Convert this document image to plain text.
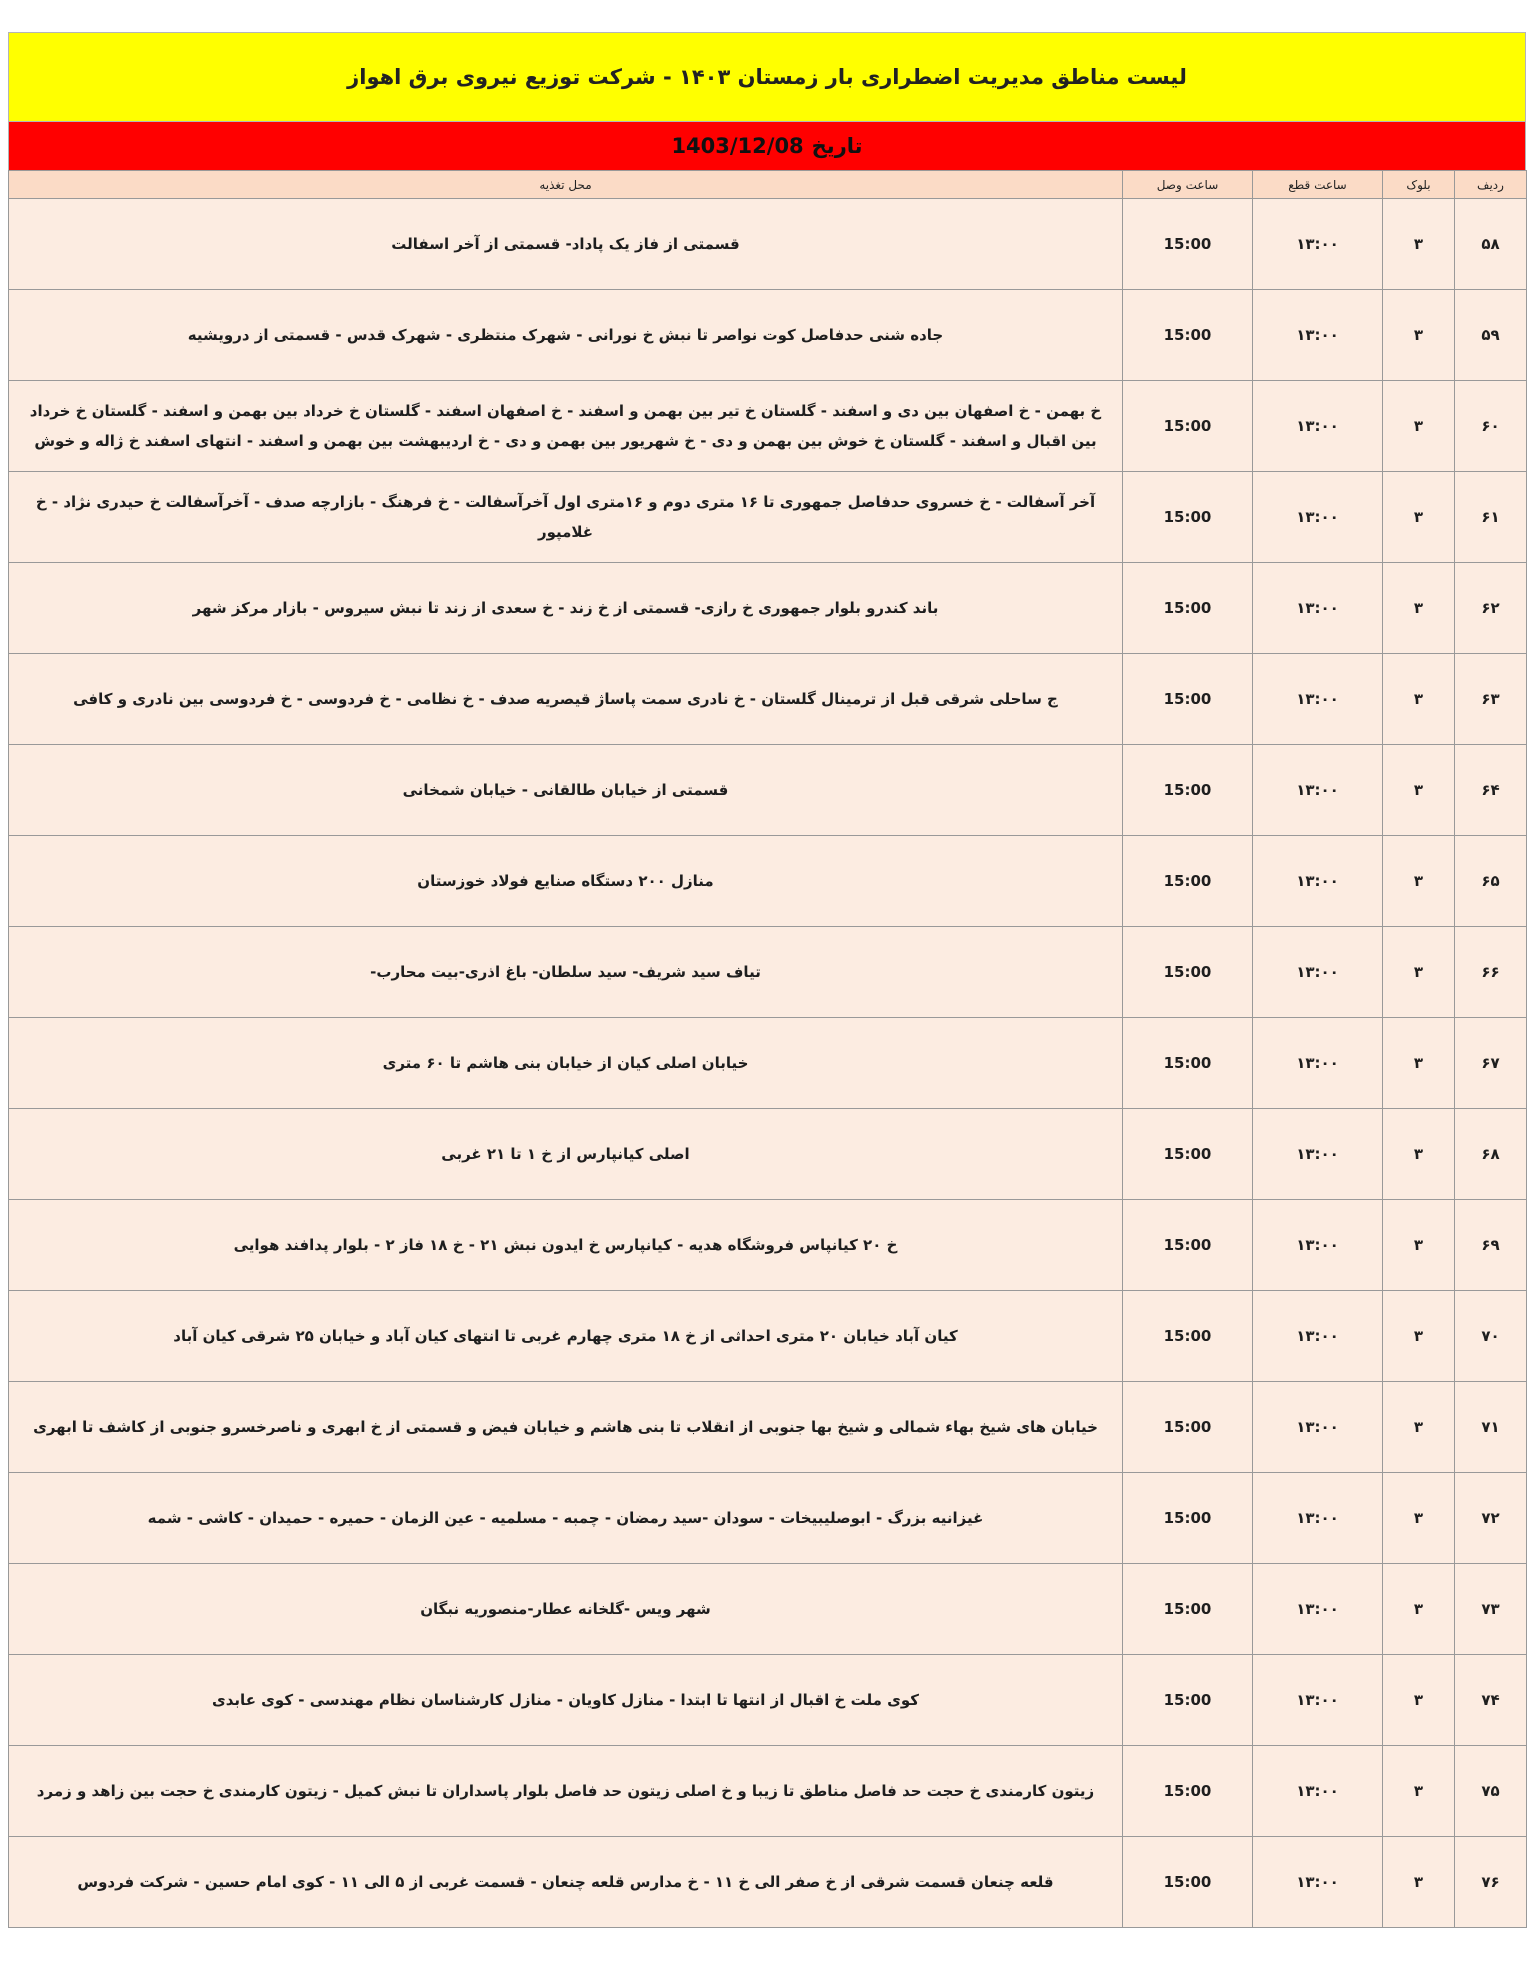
لیست مناطق مدیریت اضطراری بار زمستان ۱۴۰۳ - شرکت توزیع نیروی برق اهواز
تاریخ
1403/12/08
ردیف	بلوک	ساعت قطع	ساعت وصل	محل تغذیه
۵۸	۳	۱۳:۰۰	15:00	قسمتی از فاز یک پاداد- قسمتی از آخر اسفالت
۵۹	۳	۱۳:۰۰	15:00	جاده شنی حدفاصل کوت نواصر تا نبش خ نورانی - شهرک منتظری - شهرک قدس - قسمتی از درویشیه
۶۰	۳	۱۳:۰۰	15:00	خ بهمن - خ اصفهان بین دی و اسفند - گلستان خ تیر بین بهمن و اسفند - خ اصفهان اسفند - گلستان خ خرداد بین بهمن و اسفند - گلستان خ خرداد بین اقبال و اسفند - گلستان خ خوش بین بهمن و دی - خ شهریور بین بهمن و دی - خ اردیبهشت بین بهمن و اسفند - انتهای اسفند خ ژاله و خوش
۶۱	۳	۱۳:۰۰	15:00	آخر آسفالت - خ خسروی حدفاصل جمهوری تا ۱۶ متری دوم و ۱۶متری اول آخرآسفالت - خ فرهنگ - بازارچه صدف - آخرآسفالت خ حیدری نژاد - خ غلامپور
۶۲	۳	۱۳:۰۰	15:00	باند کندرو بلوار جمهوری خ رازی- قسمتی از خ زند - خ سعدی از زند تا نبش سیروس - بازار مرکز شهر
۶۳	۳	۱۳:۰۰	15:00	ج ساحلی شرقی قبل از ترمینال گلستان - خ نادری سمت پاساژ قیصریه صدف - خ نظامی - خ فردوسی - خ فردوسی بین نادری و کافی
۶۴	۳	۱۳:۰۰	15:00	قسمتی از خیابان طالقانی - خیابان شمخانی
۶۵	۳	۱۳:۰۰	15:00	منازل ۲۰۰ دستگاه صنایع فولاد خوزستان
۶۶	۳	۱۳:۰۰	15:00	تیاف سید شریف- سید سلطان- باغ اذری-بیت محارب-
۶۷	۳	۱۳:۰۰	15:00	خیابان اصلی کیان از خیابان بنی هاشم تا ۶۰ متری
۶۸	۳	۱۳:۰۰	15:00	اصلی کیانپارس از خ ۱ تا ۲۱ غربی
۶۹	۳	۱۳:۰۰	15:00	خ ۲۰ کیانپاس فروشگاه هدیه - کیانپارس خ ایدون نبش ۲۱ - خ ۱۸ فاز ۲ - بلوار پدافند هوایی
۷۰	۳	۱۳:۰۰	15:00	کیان آباد خیابان ۲۰ متری احداثی از خ ۱۸ متری چهارم غربی تا انتهای کیان آباد و خیابان ۲۵ شرقی کیان آباد
۷۱	۳	۱۳:۰۰	15:00	خیابان های شیخ بهاء شمالی و شیخ بها جنوبی از انقلاب تا بنی هاشم و خیابان فیض و قسمتی از خ ابهری و ناصرخسرو جنوبی از کاشف تا ابهری
۷۲	۳	۱۳:۰۰	15:00	غیزانیه بزرگ - ابوصلیبیخات - سودان -سید رمضان - چمبه - مسلمیه - عین الزمان - حمیره - حمیدان - کاشی - شمه
۷۳	۳	۱۳:۰۰	15:00	شهر ویس -گلخانه عطار-منصوریه نبگان
۷۴	۳	۱۳:۰۰	15:00	کوی ملت خ اقبال از انتها تا ابتدا - منازل کاویان - منازل کارشناسان نظام مهندسی - کوی عابدی
۷۵	۳	۱۳:۰۰	15:00	زیتون کارمندی خ حجت حد فاصل مناطق تا زیبا و خ اصلی زیتون حد فاصل بلوار پاسداران تا نبش کمیل - زیتون کارمندی خ حجت بین زاهد و زمرد
۷۶	۳	۱۳:۰۰	15:00	قلعه چنعان قسمت شرقی از خ صفر الی خ ۱۱ - خ مدارس قلعه چنعان - قسمت غربی از ۵ الی ۱۱ - کوی امام حسین - شرکت فردوس
